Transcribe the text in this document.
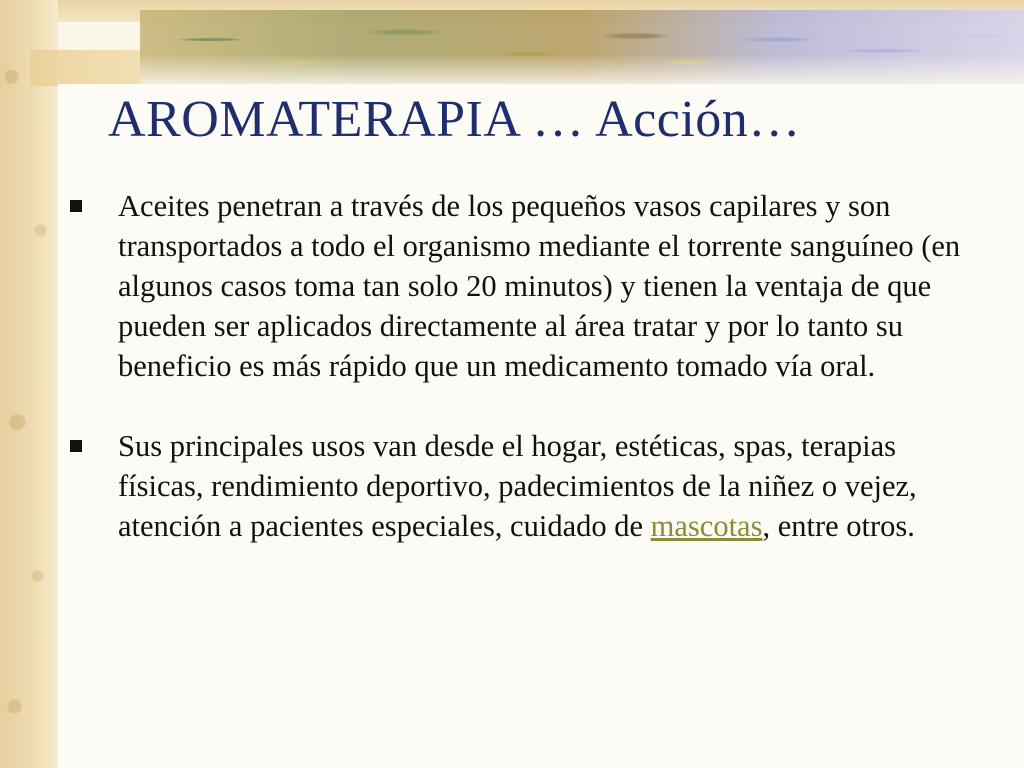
AROMATERAPIA … Acción…
Aceites penetran a través de los pequeños vasos capilares y son transportados a todo el organismo mediante el torrente sanguíneo (en algunos casos toma tan solo 20 minutos) y tienen la ventaja de que pueden ser aplicados directamente al área tratar y por lo tanto su beneficio es más rápido que un medicamento tomado vía oral.
Sus principales usos van desde el hogar, estéticas, spas, terapias físicas, rendimiento deportivo, padecimientos de la niñez o vejez, atención a pacientes especiales, cuidado de mascotas, entre otros.
